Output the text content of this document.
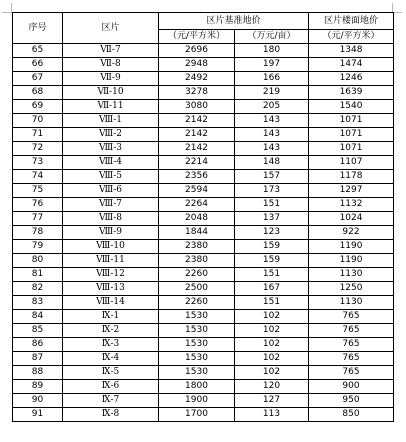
序号	区片	区片基准地价		区片楼面地价
		（元/平方米）	（万元/亩）	（元/平方米）
65	Ⅶ-7	2696	180	1348
66	Ⅶ-8	2948	197	1474
67	Ⅶ-9	2492	166	1246
68	Ⅶ-10	3278	219	1639
69	Ⅶ-11	3080	205	1540
70	Ⅷ-1	2142	143	1071
71	Ⅷ-2	2142	143	1071
72	Ⅷ-3	2142	143	1071
73	Ⅷ-4	2214	148	1107
74	Ⅷ-5	2356	157	1178
75	Ⅷ-6	2594	173	1297
76	Ⅷ-7	2264	151	1132
77	Ⅷ-8	2048	137	1024
78	Ⅷ-9	1844	123	922
79	Ⅷ-10	2380	159	1190
80	Ⅷ-11	2380	159	1190
81	Ⅷ-12	2260	151	1130
82	Ⅷ-13	2500	167	1250
83	Ⅷ-14	2260	151	1130
84	Ⅸ-1	1530	102	765
85	Ⅸ-2	1530	102	765
86	Ⅸ-3	1530	102	765
87	Ⅸ-4	1530	102	765
88	Ⅸ-5	1530	102	765
89	Ⅸ-6	1800	120	900
90	Ⅸ-7	1900	127	950
91	Ⅸ-8	1700	113	850
